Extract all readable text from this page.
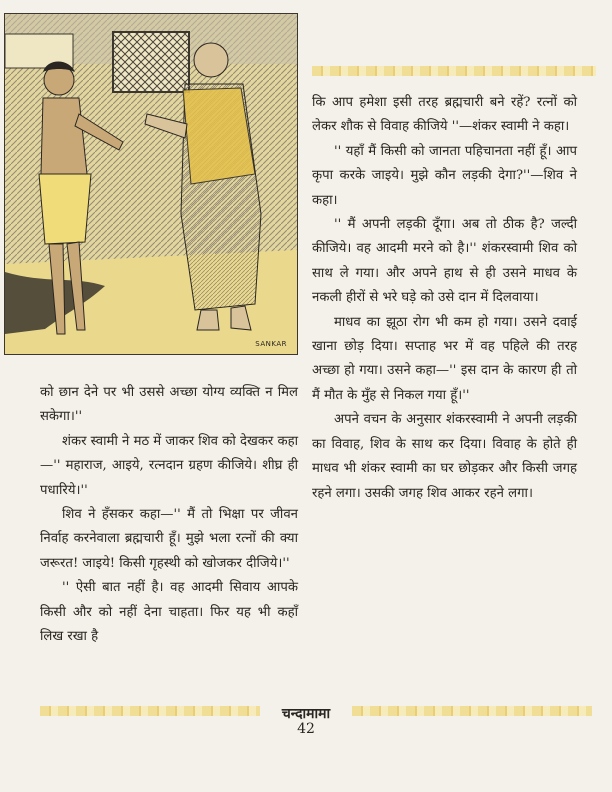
SANKAR

कि आप हमेशा इसी तरह ब्रह्मचारी बने रहें? रत्नों को लेकर शौक से विवाह कीजिये ''—शंकर स्वामी ने कहा।

'' यहाँ मैं किसी को जानता पहिचानता नहीं हूँ। आप कृपा करके जाइये। मुझे कौन लड़की देगा?''—शिव ने कहा।

'' मैं अपनी लड़की दूँगा। अब तो ठीक है? जल्दी कीजिये। वह आदमी मरने को है।'' शंकरस्वामी शिव को साथ ले गया। और अपने हाथ से ही उसने माधव के नकली हीरों से भरे घड़े को उसे दान में दिलवाया।

माधव का झूठा रोग भी कम हो गया। उसने दवाई खाना छोड़ दिया। सप्ताह भर में वह पहिले की तरह अच्छा हो गया। उसने कहा—'' इस दान के कारण ही तो मैं मौत के मुँह से निकल गया हूँ।''

अपने वचन के अनुसार शंकरस्वामी ने अपनी लड़की का विवाह, शिव के साथ कर दिया। विवाह के होते ही माधव भी शंकर स्वामी का घर छोड़कर और किसी जगह रहने लगा। उसकी जगह शिव आकर रहने लगा।

को छान देने पर भी उससे अच्छा योग्य व्यक्ति न मिल सकेगा।''

शंकर स्वामी ने मठ में जाकर शिव को देखकर कहा—'' महाराज, आइये, रत्नदान ग्रहण कीजिये। शीघ्र ही पधारिये।''

शिव ने हँसकर कहा—'' मैं तो भिक्षा पर जीवन निर्वाह करनेवाला ब्रह्मचारी हूँ। मुझे भला रत्नों की क्या जरूरत! जाइये! किसी गृहस्थी को खोजकर दीजिये।''

'' ऐसी बात नहीं है। वह आदमी सिवाय आपके किसी और को नहीं देना चाहता। फिर यह भी कहाँ लिख रखा है

चन्दामामा
42
